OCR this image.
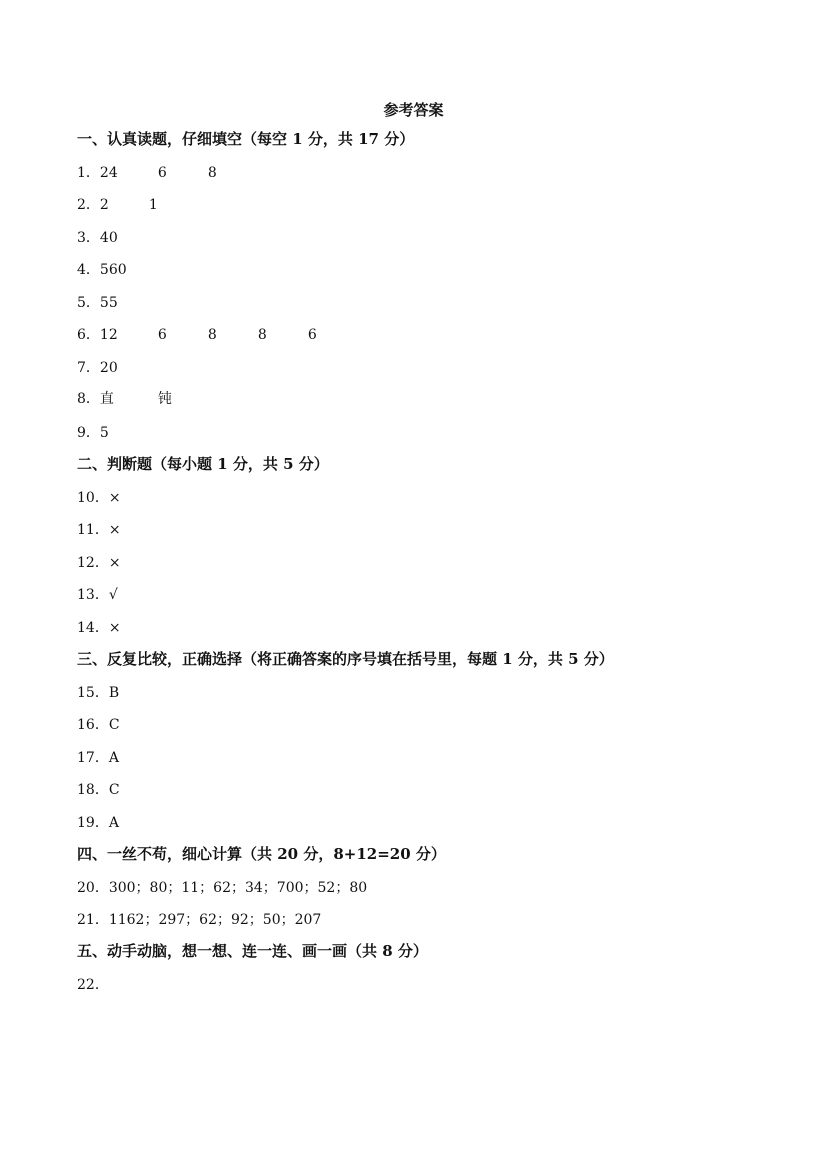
参考答案
一、认真读题，仔细填空（每空 1 分，共 17 分）
1．24	6	8
2．2	1
3．40
4．560
5．55
6．12	6	8	8	6
7．20
8．直	钝
9．5
二、判断题（每小题 1 分，共 5 分）
10．×
11．×
12．×
13．√
14．×
三、反复比较，正确选择（将正确答案的序号填在括号里，每题 1 分，共 5 分）
15．B
16．C
17．A
18．C
19．A
四、一丝不苟，细心计算（共 20 分，8+12=20 分）
20．300；80；11；62；34；700；52；80
21．1162；297；62；92；50；207
五、动手动脑，想一想、连一连、画一画（共 8 分）
22．
